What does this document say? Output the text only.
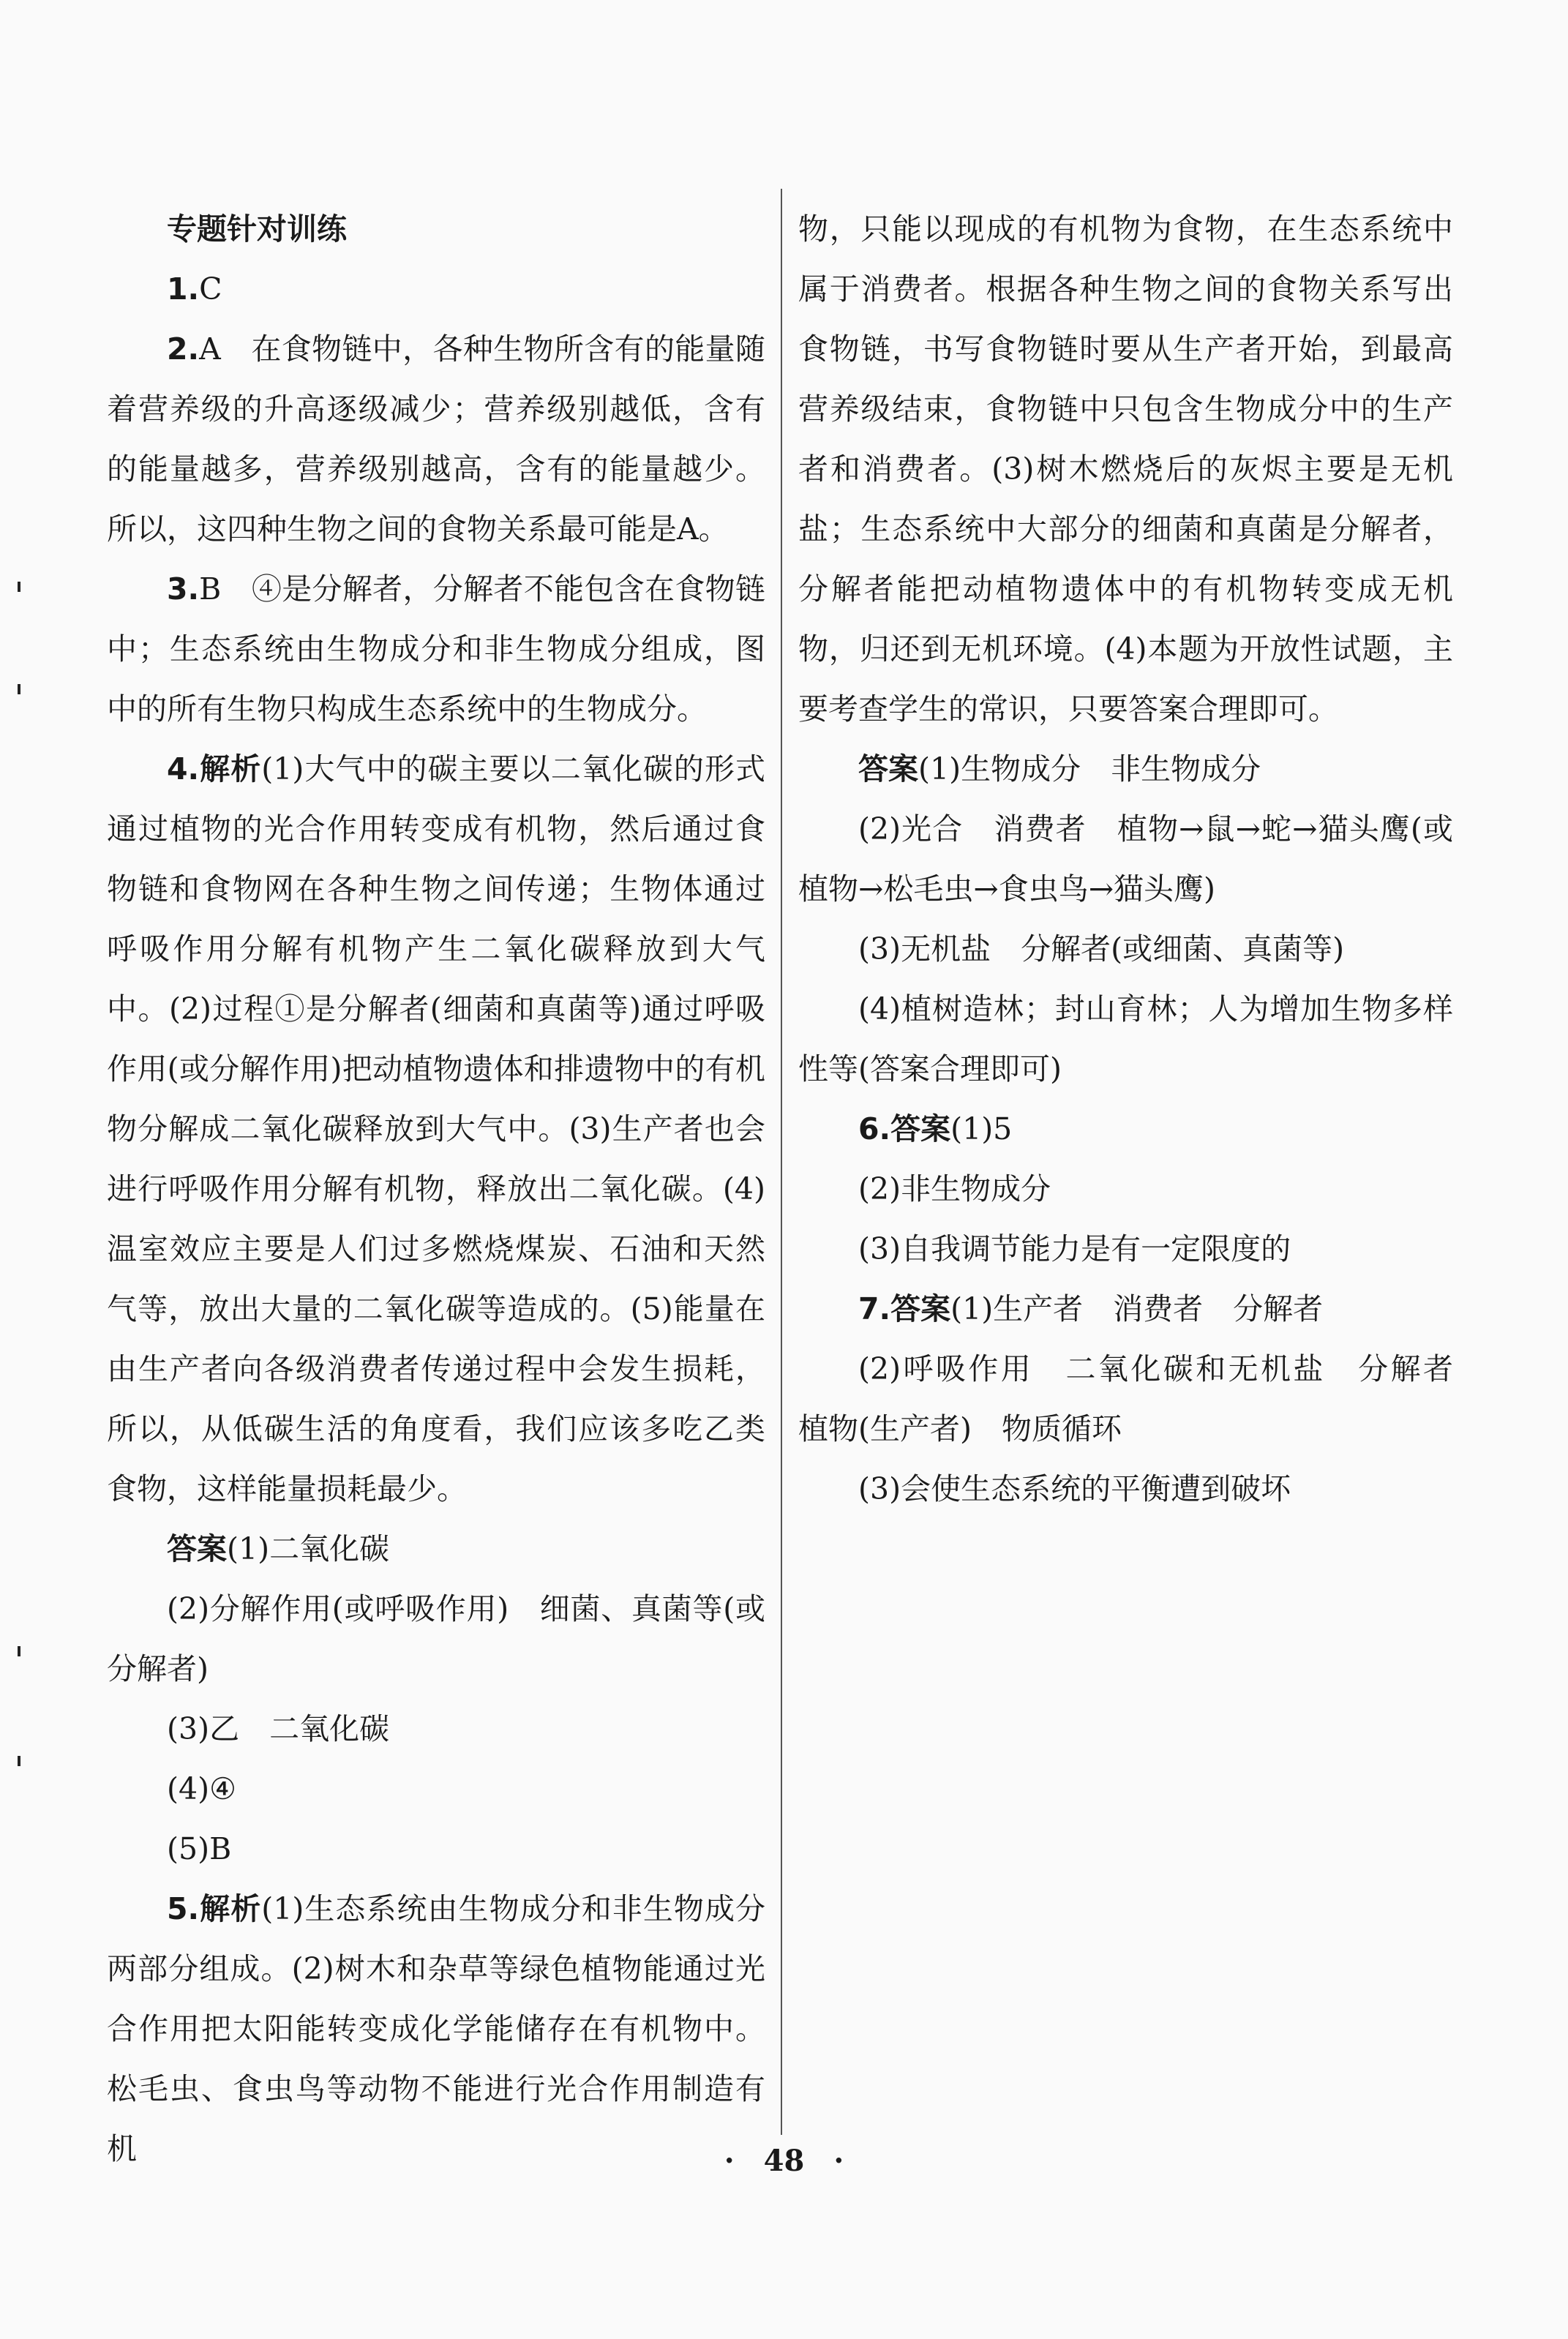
专题针对训练

1.C

2.A　在食物链中，各种生物所含有的能量随着营养级的升高逐级减少；营养级别越低，含有的能量越多，营养级别越高，含有的能量越少。所以，这四种生物之间的食物关系最可能是A。

3.B　④是分解者，分解者不能包含在食物链中；生态系统由生物成分和非生物成分组成，图中的所有生物只构成生态系统中的生物成分。

4.解析(1)大气中的碳主要以二氧化碳的形式通过植物的光合作用转变成有机物，然后通过食物链和食物网在各种生物之间传递；生物体通过呼吸作用分解有机物产生二氧化碳释放到大气中。(2)过程①是分解者(细菌和真菌等)通过呼吸作用(或分解作用)把动植物遗体和排遗物中的有机物分解成二氧化碳释放到大气中。(3)生产者也会进行呼吸作用分解有机物，释放出二氧化碳。(4)温室效应主要是人们过多燃烧煤炭、石油和天然气等，放出大量的二氧化碳等造成的。(5)能量在由生产者向各级消费者传递过程中会发生损耗，所以，从低碳生活的角度看，我们应该多吃乙类食物，这样能量损耗最少。

答案(1)二氧化碳

(2)分解作用(或呼吸作用)　细菌、真菌等(或分解者)

(3)乙　二氧化碳

(4)④

(5)B

5.解析(1)生态系统由生物成分和非生物成分两部分组成。(2)树木和杂草等绿色植物能通过光合作用把太阳能转变成化学能储存在有机物中。松毛虫、食虫鸟等动物不能进行光合作用制造有机

物，只能以现成的有机物为食物，在生态系统中属于消费者。根据各种生物之间的食物关系写出食物链，书写食物链时要从生产者开始，到最高营养级结束，食物链中只包含生物成分中的生产者和消费者。(3)树木燃烧后的灰烬主要是无机盐；生态系统中大部分的细菌和真菌是分解者，分解者能把动植物遗体中的有机物转变成无机物，归还到无机环境。(4)本题为开放性试题，主要考查学生的常识，只要答案合理即可。

答案(1)生物成分　非生物成分

(2)光合　消费者　植物→鼠→蛇→猫头鹰(或植物→松毛虫→食虫鸟→猫头鹰)

(3)无机盐　分解者(或细菌、真菌等)

(4)植树造林；封山育林；人为增加生物多样性等(答案合理即可)

6.答案(1)5

(2)非生物成分

(3)自我调节能力是有一定限度的

7.答案(1)生产者　消费者　分解者

(2)呼吸作用　二氧化碳和无机盐　分解者　植物(生产者)　物质循环

(3)会使生态系统的平衡遭到破坏

· 48 ·
